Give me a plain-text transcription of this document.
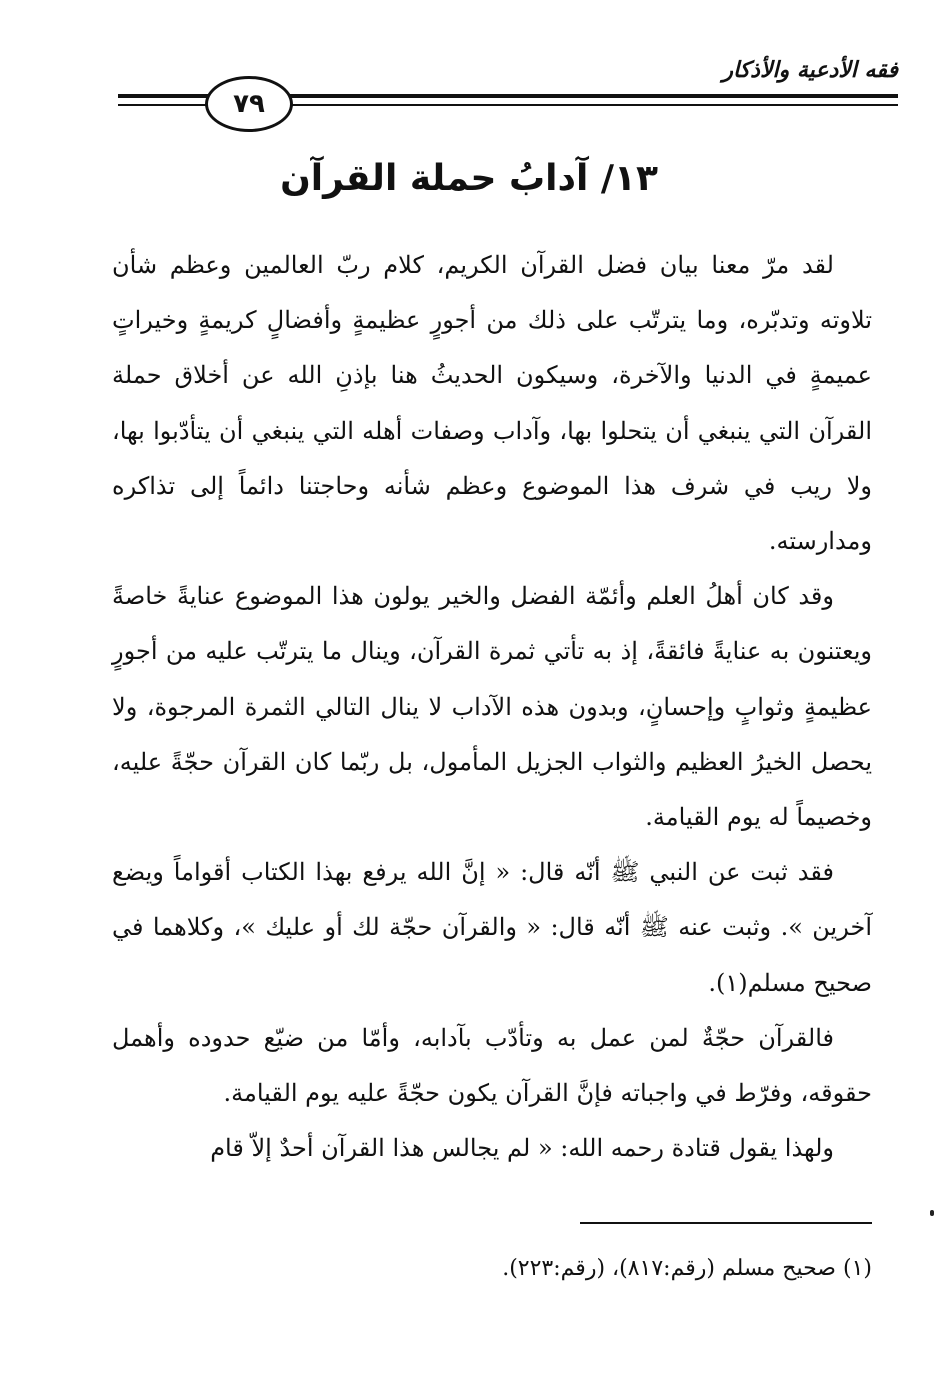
فقه الأدعية والأذكار
٧٩
١٣/ آدابُ حملة القرآن

لقد مرّ معنا بيان فضل القرآن الكريم، كلام ربّ العالمين وعظم شأن تلاوته وتدبّره، وما يترتّب على ذلك من أجورٍ عظيمةٍ وأفضالٍ كريمةٍ وخيراتٍ عميمةٍ في الدنيا والآخرة، وسيكون الحديثُ هنا بإذنِ الله عن أخلاق حملة القرآن التي ينبغي أن يتحلوا بها، وآداب وصفات أهله التي ينبغي أن يتأدّبوا بها، ولا ريب في شرف هذا الموضوع وعظم شأنه وحاجتنا دائماً إلى تذاكره ومدارسته.

وقد كان أهلُ العلم وأئمّة الفضل والخير يولون هذا الموضوع عنايةً خاصةً ويعتنون به عنايةً فائقةً، إذ به تأتي ثمرة القرآن، وينال ما يترتّب عليه من أجورٍ عظيمةٍ وثوابٍ وإحسانٍ، وبدون هذه الآداب لا ينال التالي الثمرة المرجوة، ولا يحصل الخيرُ العظيم والثواب الجزيل المأمول، بل ربّما كان القرآن حجّةً عليه، وخصيماً له يوم القيامة.

فقد ثبت عن النبي ﷺ أنّه قال: « إنَّ الله يرفع بهذا الكتاب أقواماً ويضع آخرين ». وثبت عنه ﷺ أنّه قال: « والقرآن حجّة لك أو عليك »، وكلاهما في صحيح مسلم(١).

فالقرآن حجّةٌ لمن عمل به وتأدّب بآدابه، وأمّا من ضيّع حدوده وأهمل حقوقه، وفرّط في واجباته فإنَّ القرآن يكون حجّةً عليه يوم القيامة.

ولهذا يقول قتادة رحمه الله: « لم يجالس هذا القرآن أحدٌ إلاّ قام

(١) صحيح مسلم (رقم:٨١٧)، (رقم:٢٢٣).
